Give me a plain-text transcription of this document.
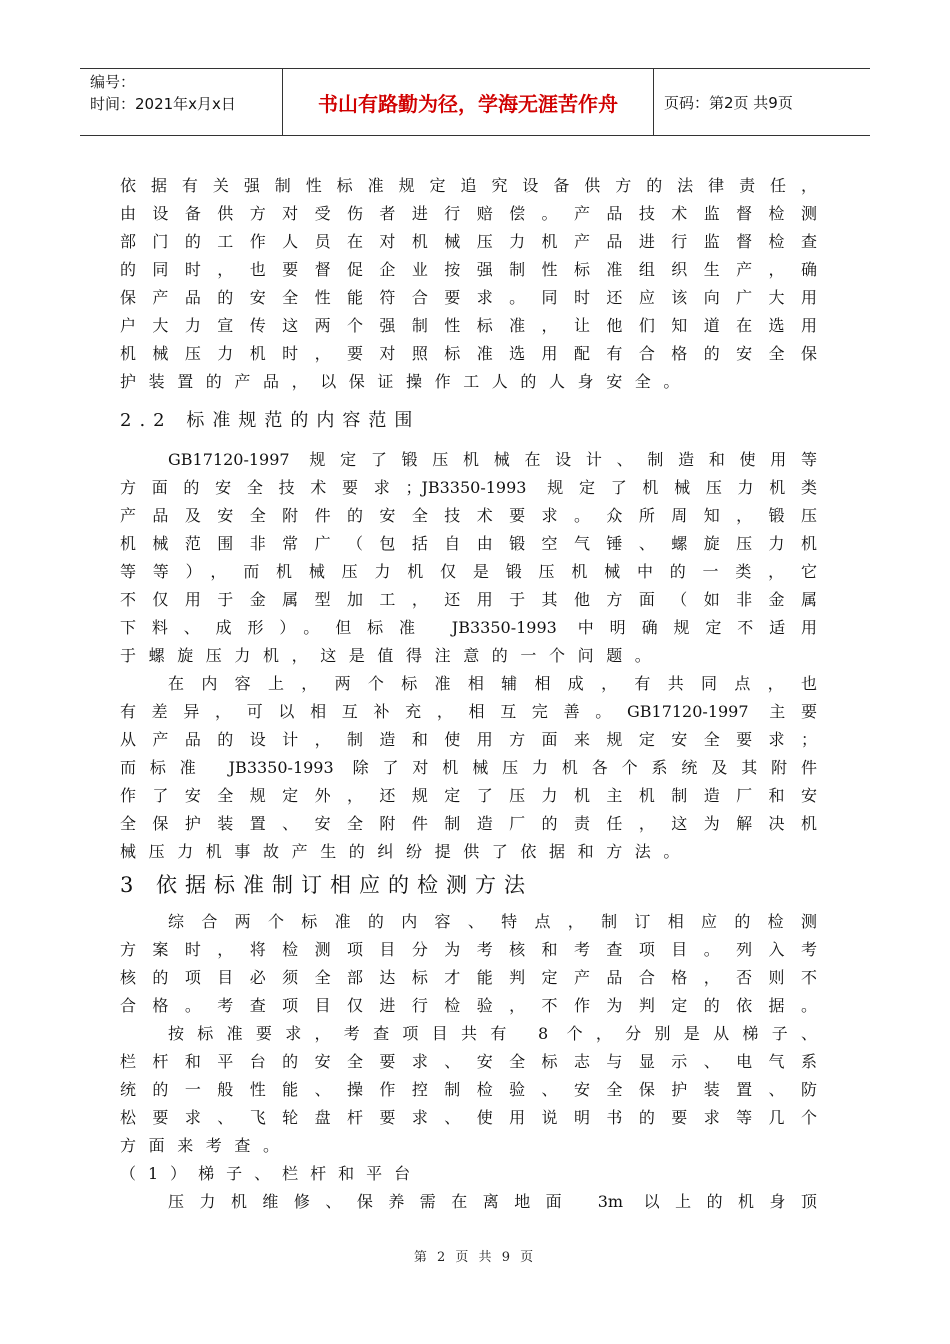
编号：
时间：2021年x月x日	书山有路勤为径，学海无涯苦作舟	页码：第2页 共9页
依据有关强制性标准规定追究设备供方的法律责任，
由设备供方对受伤者进行赔偿。产品技术监督检测
部门的工作人员在对机械压力机产品进行监督检查
的同时，也要督促企业按强制性标准组织生产，确
保产品的安全性能符合要求。同时还应该向广大用
户大力宣传这两个强制性标准，让他们知道在选用
机械压力机时，要对照标准选用配有合格的安全保
护装置的产品，以保证操作工人的人身安全。
2.2 标准规范的内容范围
GB17120-1997 规定了锻压机械在设计、制造和使用等
方面的安全技术要求；JB3350-1993 规定了机械压力机类
产品及安全附件的安全技术要求。众所周知，锻压
机械范围非常广（包括自由锻空气锤、螺旋压力机
等等），而机械压力机仅是锻压机械中的一类，它
不仅用于金属型加工，还用于其他方面（如非金属
下料、成形）。但标准 JB3350-1993 中明确规定不适用
于螺旋压力机，这是值得注意的一个问题。
在内容上，两个标准相辅相成，有共同点，也
有差异，可以相互补充，相互完善。GB17120-1997 主要
从产品的设计，制造和使用方面来规定安全要求；
而标准 JB3350-1993 除了对机械压力机各个系统及其附件
作了安全规定外，还规定了压力机主机制造厂和安
全保护装置、安全附件制造厂的责任，这为解决机
械压力机事故产生的纠纷提供了依据和方法。
3 依据标准制订相应的检测方法
综合两个标准的内容、特点，制订相应的检测
方案时，将检测项目分为考核和考查项目。列入考
核的项目必须全部达标才能判定产品合格，否则不
合格。考查项目仅进行检验，不作为判定的依据。
按标准要求，考查项目共有 8 个，分别是从梯子、
栏杆和平台的安全要求、安全标志与显示、电气系
统的一般性能、操作控制检验、安全保护装置、防
松要求、飞轮盘杆要求、使用说明书的要求等几个
方面来考查。
（1）梯子、栏杆和平台
压力机维修、保养需在离地面 3m 以上的机身顶
第 2 页 共 9 页
